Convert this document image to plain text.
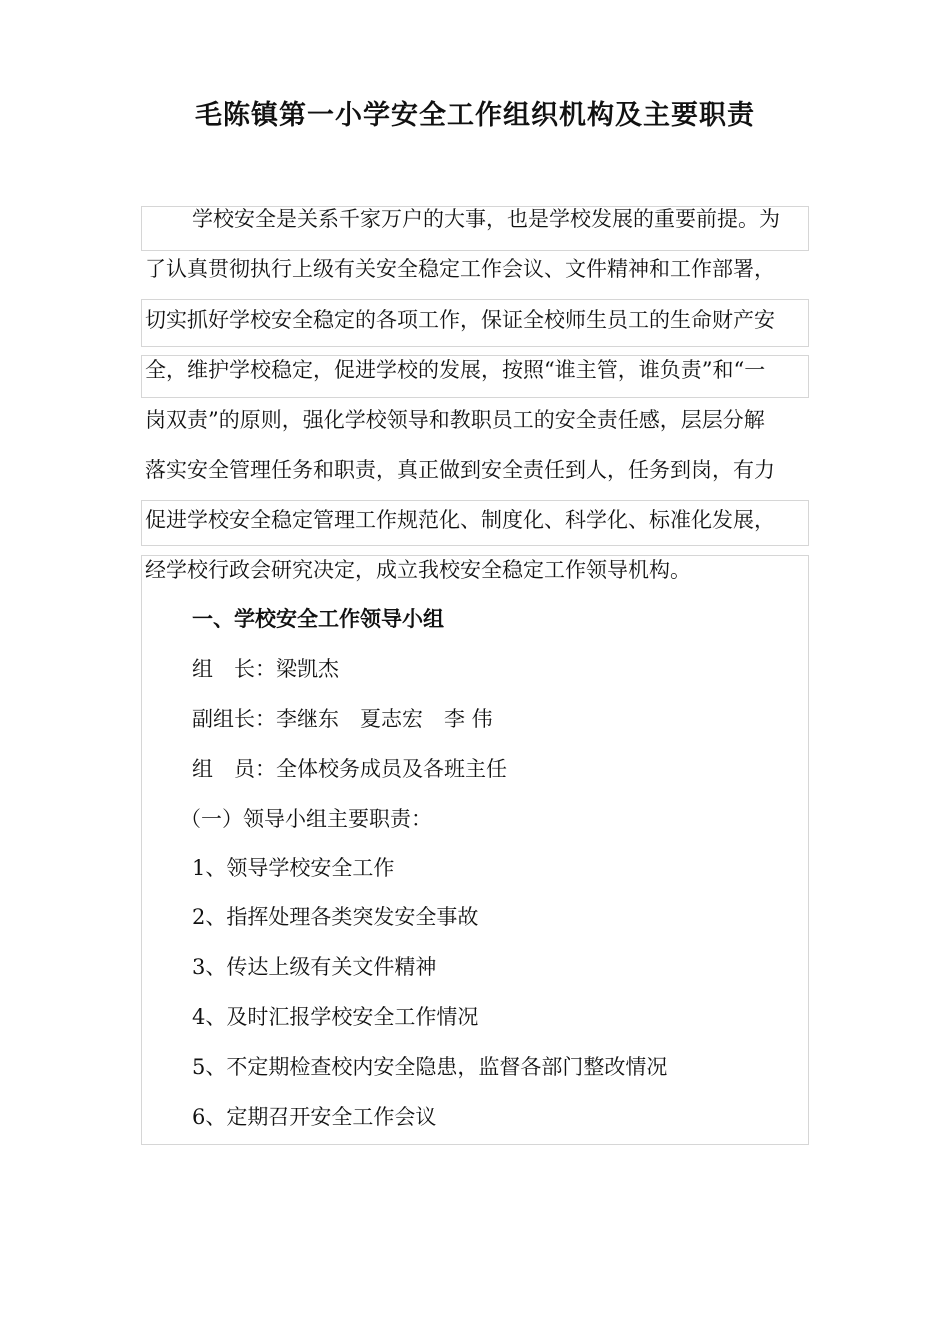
毛陈镇第一小学安全工作组织机构及主要职责
学校安全是关系千家万户的大事，也是学校发展的重要前提。为
了认真贯彻执行上级有关安全稳定工作会议、文件精神和工作部署，
切实抓好学校安全稳定的各项工作，保证全校师生员工的生命财产安
全，维护学校稳定，促进学校的发展，按照“谁主管，谁负责”和“一
岗双责”的原则，强化学校领导和教职员工的安全责任感，层层分解
落实安全管理任务和职责，真正做到安全责任到人，任务到岗，有力
促进学校安全稳定管理工作规范化、制度化、科学化、标准化发展，
经学校行政会研究决定，成立我校安全稳定工作领导机构。
一、学校安全工作领导小组
组　长：梁凯杰
副组长：李继东　夏志宏　李 伟
组　员：全体校务成员及各班主任
（一）领导小组主要职责：
1、领导学校安全工作
2、指挥处理各类突发安全事故
3、传达上级有关文件精神
4、及时汇报学校安全工作情况
5、不定期检查校内安全隐患，监督各部门整改情况
6、定期召开安全工作会议
